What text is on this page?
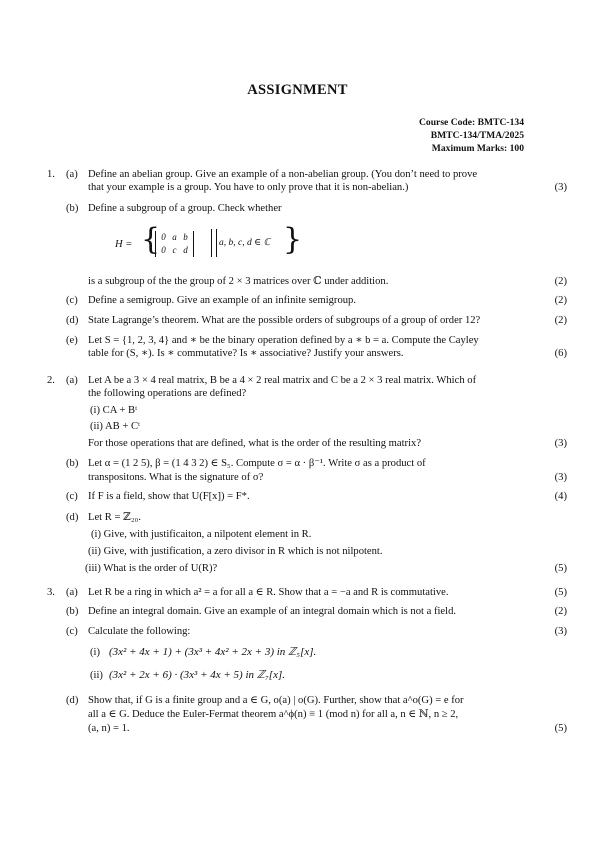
ASSIGNMENT
Course Code: BMTC-134
BMTC-134/TMA/2025
Maximum Marks: 100
1. (a) Define an abelian group. Give an example of a non-abelian group. (You don’t need to prove
that your example is a group. You have to only prove that it is non-abelian.)	(3)
(b) Define a subgroup of a group. Check whether
H = { 0 a b
0 c d
a, b, c, d ∈ ℂ }
is a subgroup of the the group of 2 × 3 matrices over ℂ under addition.	(2)
(c) Define a semigroup. Give an example of an infinite semigroup.	(2)
(d) State Lagrange’s theorem. What are the possible orders of subgroups of a group of order 12?	(2)
(e) Let S = {1, 2, 3, 4} and ∗ be the binary operation defined by a ∗ b = a. Compute the Cayley
table for (S, ∗). Is ∗ commutative? Is ∗ associative? Justify your answers.	(6)
2. (a) Let A be a 3 × 4 real matrix, B be a 4 × 2 real matrix and C be a 2 × 3 real matrix. Which of
the following operations are defined?
(i) CA + Bᵗ
(ii) AB + Cᵗ
For those operations that are defined, what is the order of the resulting matrix?	(3)
(b) Let α = (1 2 5), β = (1 4 3 2) ∈ S₅. Compute σ = α · β⁻¹. Write σ as a product of
transpositons. What is the signature of σ?	(3)
(c) If F is a field, show that U(F[x]) = F*.	(4)
(d) Let R = ℤ₂₀.
(i) Give, with justificaiton, a nilpotent element in R.
(ii) Give, with justification, a zero divisor in R which is not nilpotent.
(iii) What is the order of U(R)?	(5)
3. (a) Let R be a ring in which a² = a for all a ∈ R. Show that a = −a and R is commutative.	(5)
(b) Define an integral domain. Give an example of an integral domain which is not a field.	(2)
(c) Calculate the following:	(3)
(i) (3x² + 4x + 1) + (3x³ + 4x² + 2x + 3) in ℤ₅[x].
(ii) (3x² + 2x + 6) · (3x³ + 4x + 5) in ℤ₇[x].
(d) Show that, if G is a finite group and a ∈ G, o(a) | o(G). Further, show that a^o(G) = e for
all a ∈ G. Deduce the Euler-Fermat theorem a^ϕ(n) ≡ 1 (mod n) for all a, n ∈ ℕ, n ≥ 2,
(a, n) = 1.	(5)
